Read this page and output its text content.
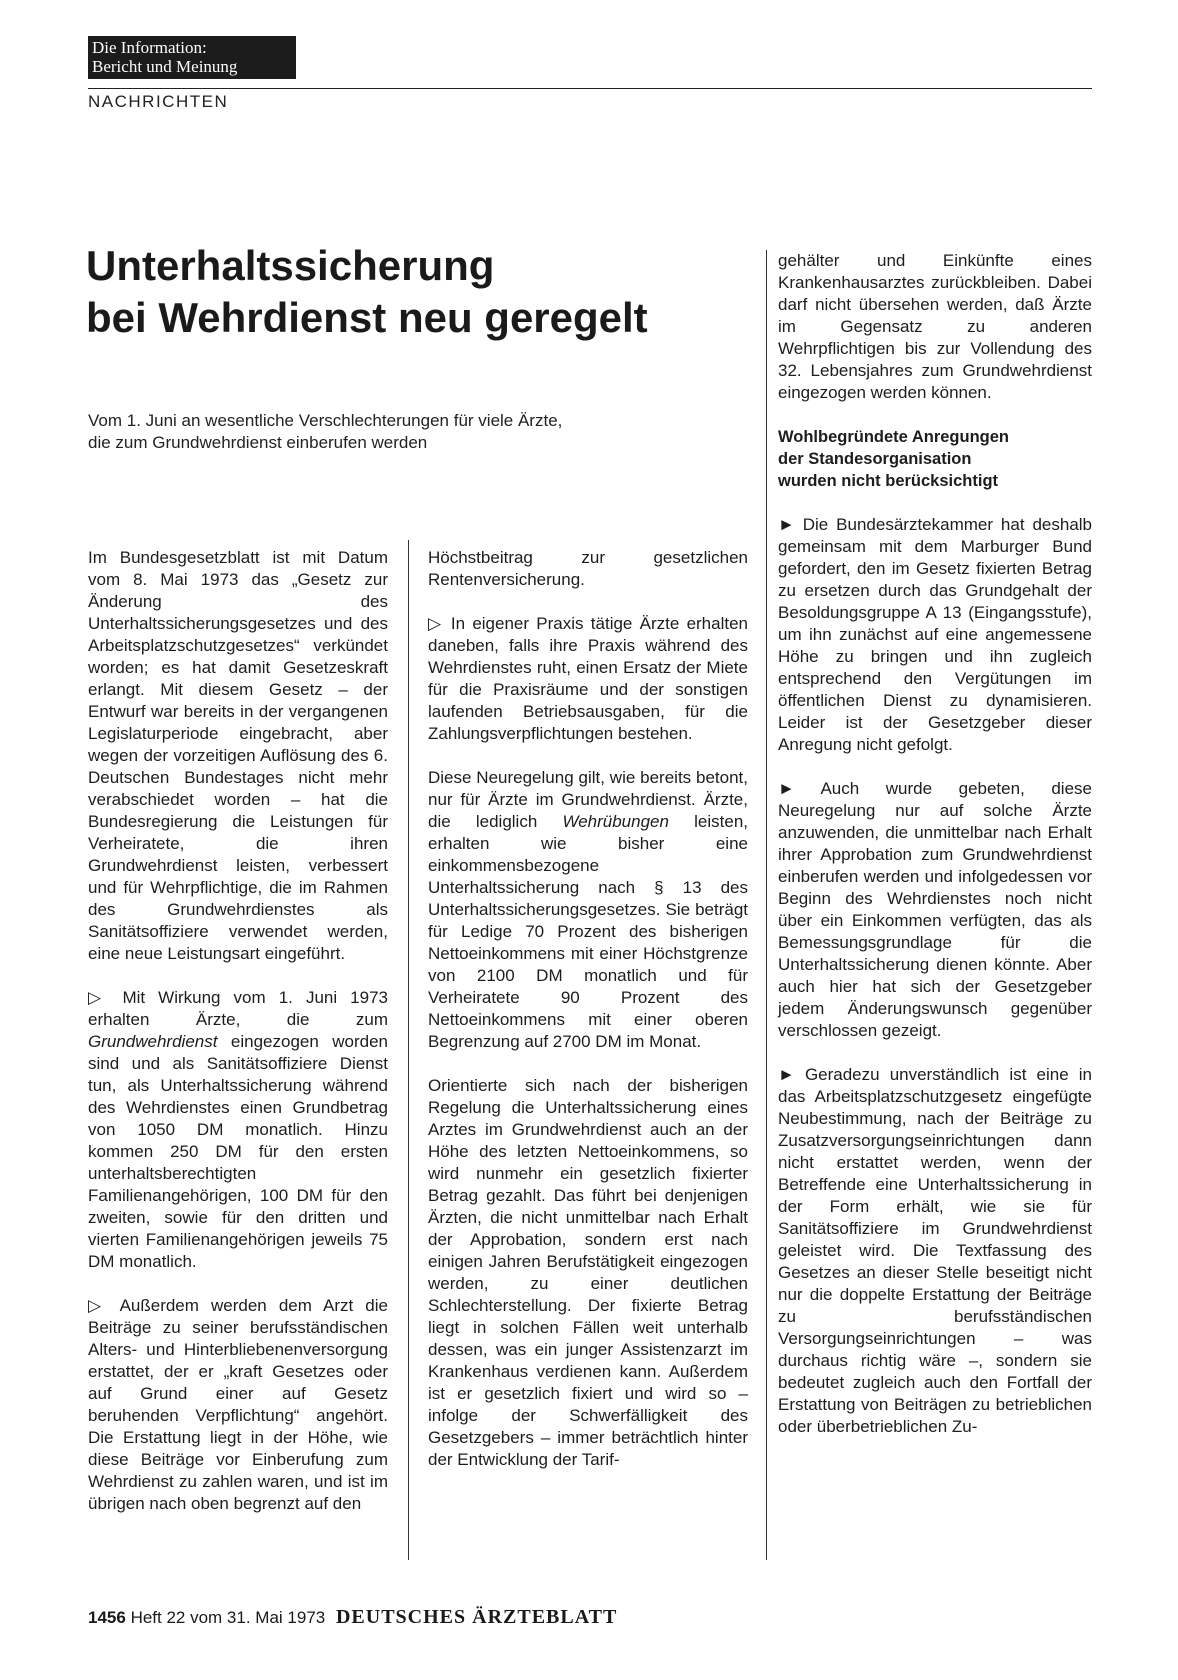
Die Information:
Bericht und Meinung
NACHRICHTEN
Unterhaltssicherung
bei Wehrdienst neu geregelt
Vom 1. Juni an wesentliche Verschlechterungen für viele Ärzte,
die zum Grundwehrdienst einberufen werden

Im Bundesgesetzblatt ist mit Datum vom 8. Mai 1973 das „Gesetz zur Änderung des Unterhaltssicherungsgesetzes und des Arbeitsplatzschutzgesetzes“ verkündet worden; es hat damit Gesetzeskraft erlangt. Mit diesem Gesetz – der Entwurf war bereits in der vergangenen Legislaturperiode eingebracht, aber wegen der vorzeitigen Auflösung des 6. Deutschen Bundestages nicht mehr verabschiedet worden – hat die Bundesregierung die Leistungen für Verheiratete, die ihren Grundwehrdienst leisten, verbessert und für Wehrpflichtige, die im Rahmen des Grundwehrdienstes als Sanitätsoffiziere verwendet werden, eine neue Leistungsart eingeführt.

▷ Mit Wirkung vom 1. Juni 1973 erhalten Ärzte, die zum Grundwehrdienst eingezogen worden sind und als Sanitätsoffiziere Dienst tun, als Unterhaltssicherung während des Wehrdienstes einen Grundbetrag von 1050 DM monatlich. Hinzu kommen 250 DM für den ersten unterhaltsberechtigten Familienangehörigen, 100 DM für den zweiten, sowie für den dritten und vierten Familienangehörigen jeweils 75 DM monatlich.

▷ Außerdem werden dem Arzt die Beiträge zu seiner berufsständischen Alters- und Hinterbliebenenversorgung erstattet, der er „kraft Gesetzes oder auf Grund einer auf Gesetz beruhenden Verpflichtung“ angehört. Die Erstattung liegt in der Höhe, wie diese Beiträge vor Einberufung zum Wehrdienst zu zahlen waren, und ist im übrigen nach oben begrenzt auf den

Höchstbeitrag zur gesetzlichen Rentenversicherung.

▷ In eigener Praxis tätige Ärzte erhalten daneben, falls ihre Praxis während des Wehrdienstes ruht, einen Ersatz der Miete für die Praxisräume und der sonstigen laufenden Betriebsausgaben, für die Zahlungsverpflichtungen bestehen.

Diese Neuregelung gilt, wie bereits betont, nur für Ärzte im Grundwehrdienst. Ärzte, die lediglich Wehrübungen leisten, erhalten wie bisher eine einkommensbezogene Unterhaltssicherung nach § 13 des Unterhaltssicherungsgesetzes. Sie beträgt für Ledige 70 Prozent des bisherigen Nettoeinkommens mit einer Höchstgrenze von 2100 DM monatlich und für Verheiratete 90 Prozent des Nettoeinkommens mit einer oberen Begrenzung auf 2700 DM im Monat.

Orientierte sich nach der bisherigen Regelung die Unterhaltssicherung eines Arztes im Grundwehrdienst auch an der Höhe des letzten Nettoeinkommens, so wird nunmehr ein gesetzlich fixierter Betrag gezahlt. Das führt bei denjenigen Ärzten, die nicht unmittelbar nach Erhalt der Approbation, sondern erst nach einigen Jahren Berufstätigkeit eingezogen werden, zu einer deutlichen Schlechterstellung. Der fixierte Betrag liegt in solchen Fällen weit unterhalb dessen, was ein junger Assistenzarzt im Krankenhaus verdienen kann. Außerdem ist er gesetzlich fixiert und wird so – infolge der Schwerfälligkeit des Gesetzgebers – immer beträchtlich hinter der Entwicklung der Tarif-

gehälter und Einkünfte eines Krankenhausarztes zurückbleiben. Dabei darf nicht übersehen werden, daß Ärzte im Gegensatz zu anderen Wehrpflichtigen bis zur Vollendung des 32. Lebensjahres zum Grundwehrdienst eingezogen werden können.

Wohlbegründete Anregungen
der Standesorganisation
wurden nicht berücksichtigt

► Die Bundesärztekammer hat deshalb gemeinsam mit dem Marburger Bund gefordert, den im Gesetz fixierten Betrag zu ersetzen durch das Grundgehalt der Besoldungsgruppe A 13 (Eingangsstufe), um ihn zunächst auf eine angemessene Höhe zu bringen und ihn zugleich entsprechend den Vergütungen im öffentlichen Dienst zu dynamisieren. Leider ist der Gesetzgeber dieser Anregung nicht gefolgt.

► Auch wurde gebeten, diese Neuregelung nur auf solche Ärzte anzuwenden, die unmittelbar nach Erhalt ihrer Approbation zum Grundwehrdienst einberufen werden und infolgedessen vor Beginn des Wehrdienstes noch nicht über ein Einkommen verfügten, das als Bemessungsgrundlage für die Unterhaltssicherung dienen könnte. Aber auch hier hat sich der Gesetzgeber jedem Änderungswunsch gegenüber verschlossen gezeigt.

► Geradezu unverständlich ist eine in das Arbeitsplatzschutzgesetz eingefügte Neubestimmung, nach der Beiträge zu Zusatzversorgungseinrichtungen dann nicht erstattet werden, wenn der Betreffende eine Unterhaltssicherung in der Form erhält, wie sie für Sanitätsoffiziere im Grundwehrdienst geleistet wird. Die Textfassung des Gesetzes an dieser Stelle beseitigt nicht nur die doppelte Erstattung der Beiträge zu berufsständischen Versorgungseinrichtungen – was durchaus richtig wäre –, sondern sie bedeutet zugleich auch den Fortfall der Erstattung von Beiträgen zu betrieblichen oder überbetrieblichen Zu-

1456 Heft 22 vom 31. Mai 1973 DEUTSCHES ÄRZTEBLATT
